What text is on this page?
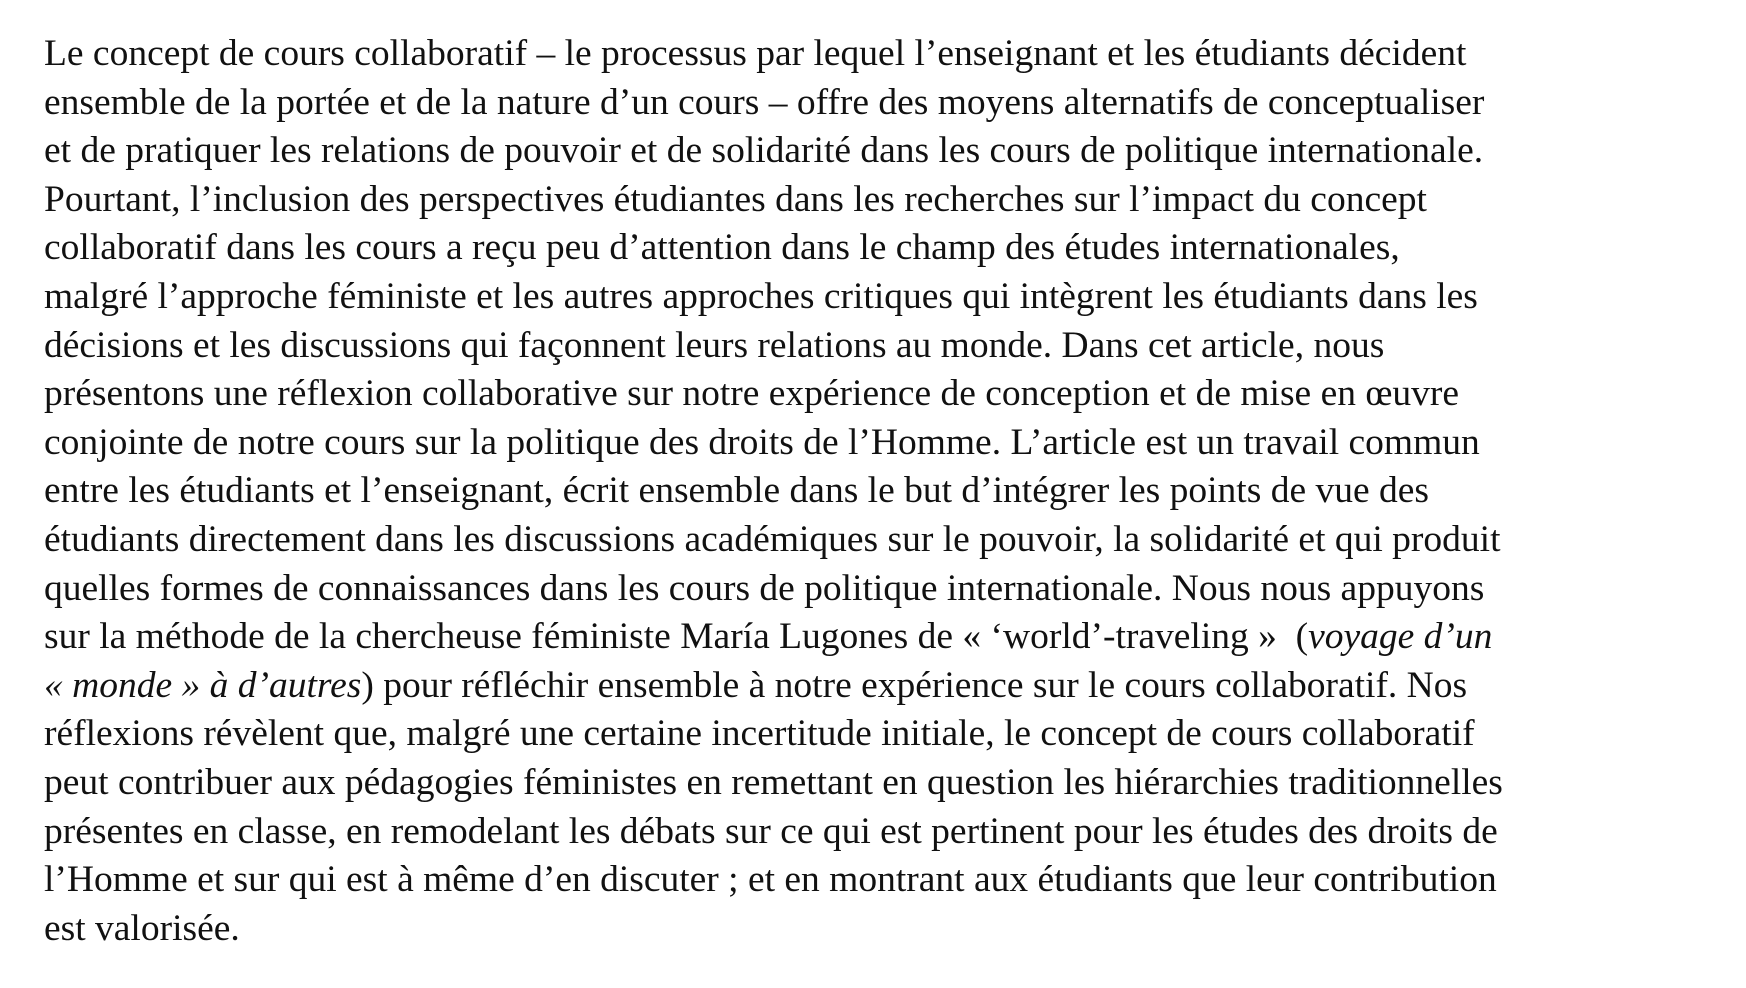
Le concept de cours collaboratif – le processus par lequel l’enseignant et les étudiants décident
ensemble de la portée et de la nature d’un cours – offre des moyens alternatifs de conceptualiser
et de pratiquer les relations de pouvoir et de solidarité dans les cours de politique internationale.
Pourtant, l’inclusion des perspectives étudiantes dans les recherches sur l’impact du concept
collaboratif dans les cours a reçu peu d’attention dans le champ des études internationales,
malgré l’approche féministe et les autres approches critiques qui intègrent les étudiants dans les
décisions et les discussions qui façonnent leurs relations au monde. Dans cet article, nous
présentons une réflexion collaborative sur notre expérience de conception et de mise en œuvre
conjointe de notre cours sur la politique des droits de l’Homme. L’article est un travail commun
entre les étudiants et l’enseignant, écrit ensemble dans le but d’intégrer les points de vue des
étudiants directement dans les discussions académiques sur le pouvoir, la solidarité et qui produit
quelles formes de connaissances dans les cours de politique internationale. Nous nous appuyons
sur la méthode de la chercheuse féministe María Lugones de « ‘world’-traveling »  (voyage d’un
« monde » à d’autres) pour réfléchir ensemble à notre expérience sur le cours collaboratif. Nos
réflexions révèlent que, malgré une certaine incertitude initiale, le concept de cours collaboratif
peut contribuer aux pédagogies féministes en remettant en question les hiérarchies traditionnelles
présentes en classe, en remodelant les débats sur ce qui est pertinent pour les études des droits de
l’Homme et sur qui est à même d’en discuter ; et en montrant aux étudiants que leur contribution
est valorisée.
